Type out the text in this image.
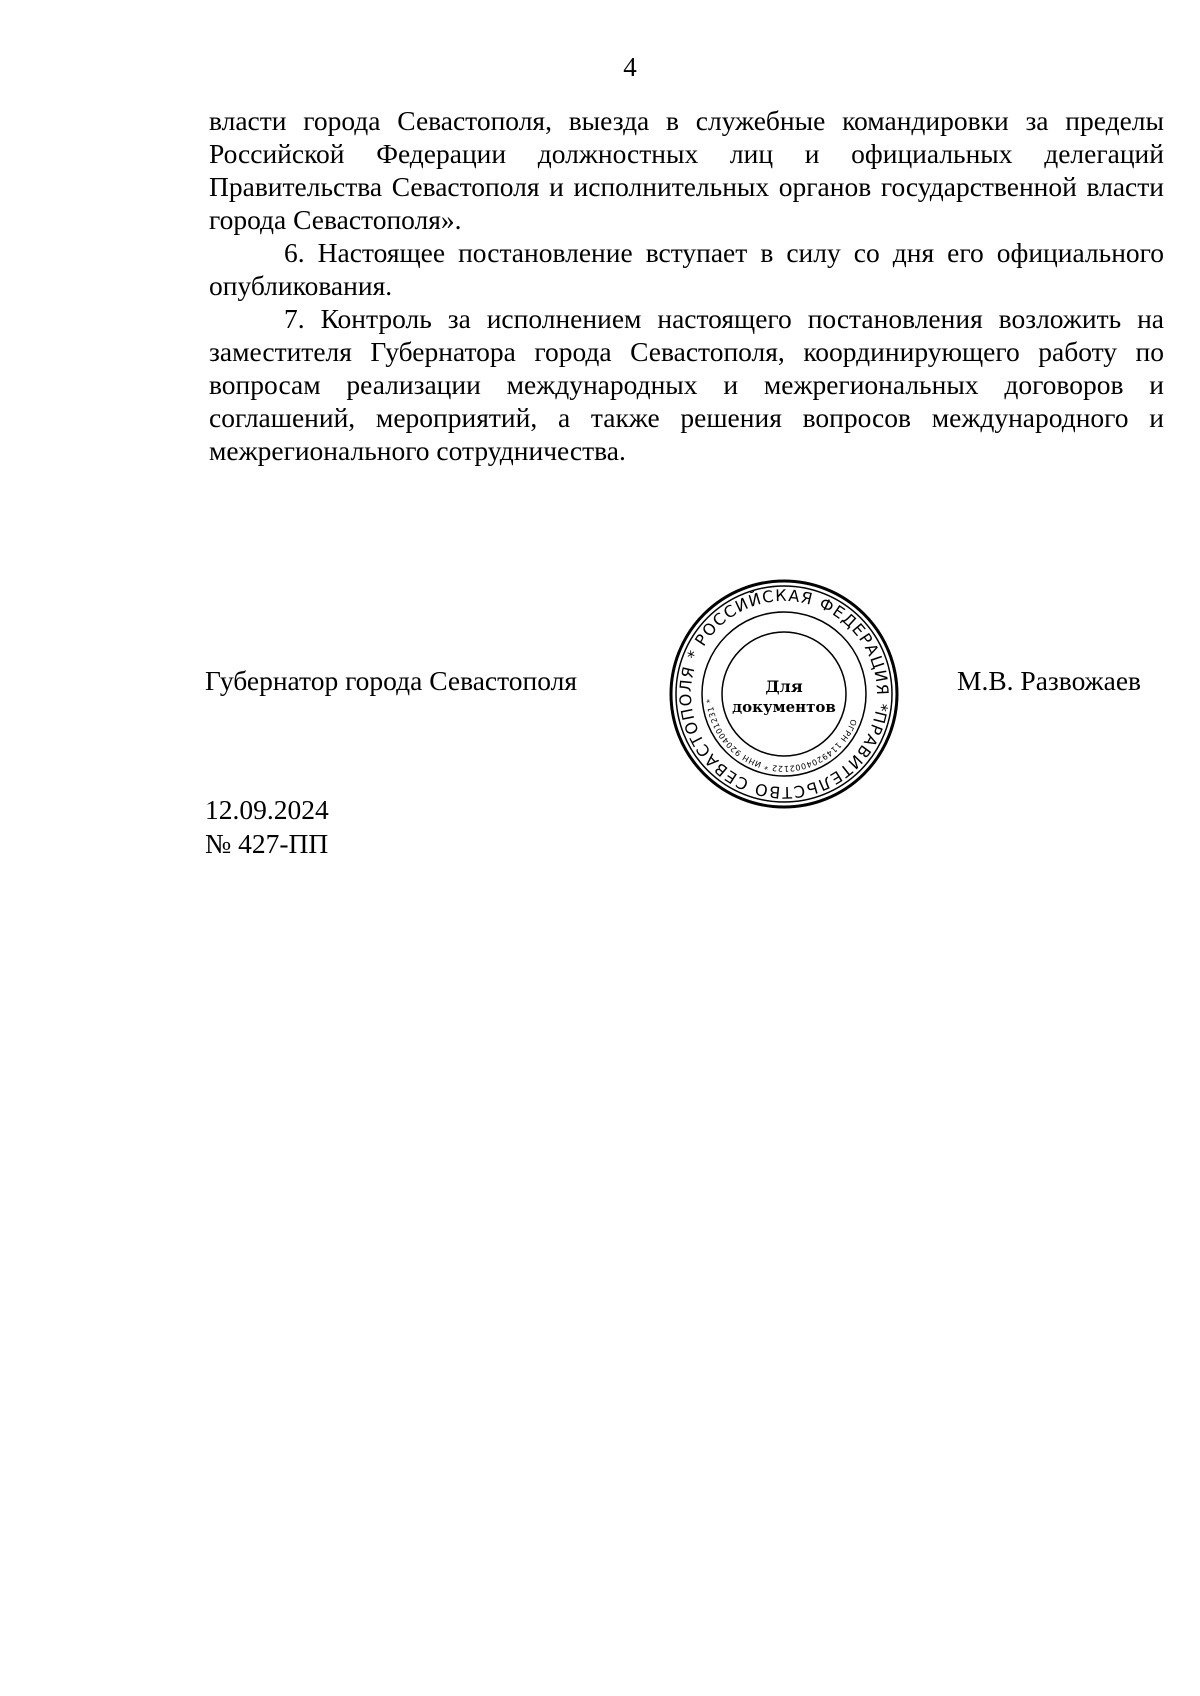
4

власти города Севастополя, выезда в служебные командировки за пределы Российской Федерации должностных лиц и официальных делегаций Правительства Севастополя и исполнительных органов государственной власти города Севастополя».

6. Настоящее постановление вступает в силу со дня его официального опубликования.

7. Контроль за исполнением настоящего постановления возложить на заместителя Губернатора города Севастополя, координирующего работу по вопросам реализации международных и межрегиональных договоров и соглашений, мероприятий, а также решения вопросов международного и межрегионального сотрудничества.

Губернатор города Севастополя
ПРАВИТЕЛЬСТВО СЕВАСТОПОЛЯ * РОССИЙСКАЯ ФЕДЕРАЦИЯ *
ОГРН 1149204002122 * ИНН 9204001231 *
Для
документов
М.В. Развожаев
12.09.2024
№ 427-ПП
